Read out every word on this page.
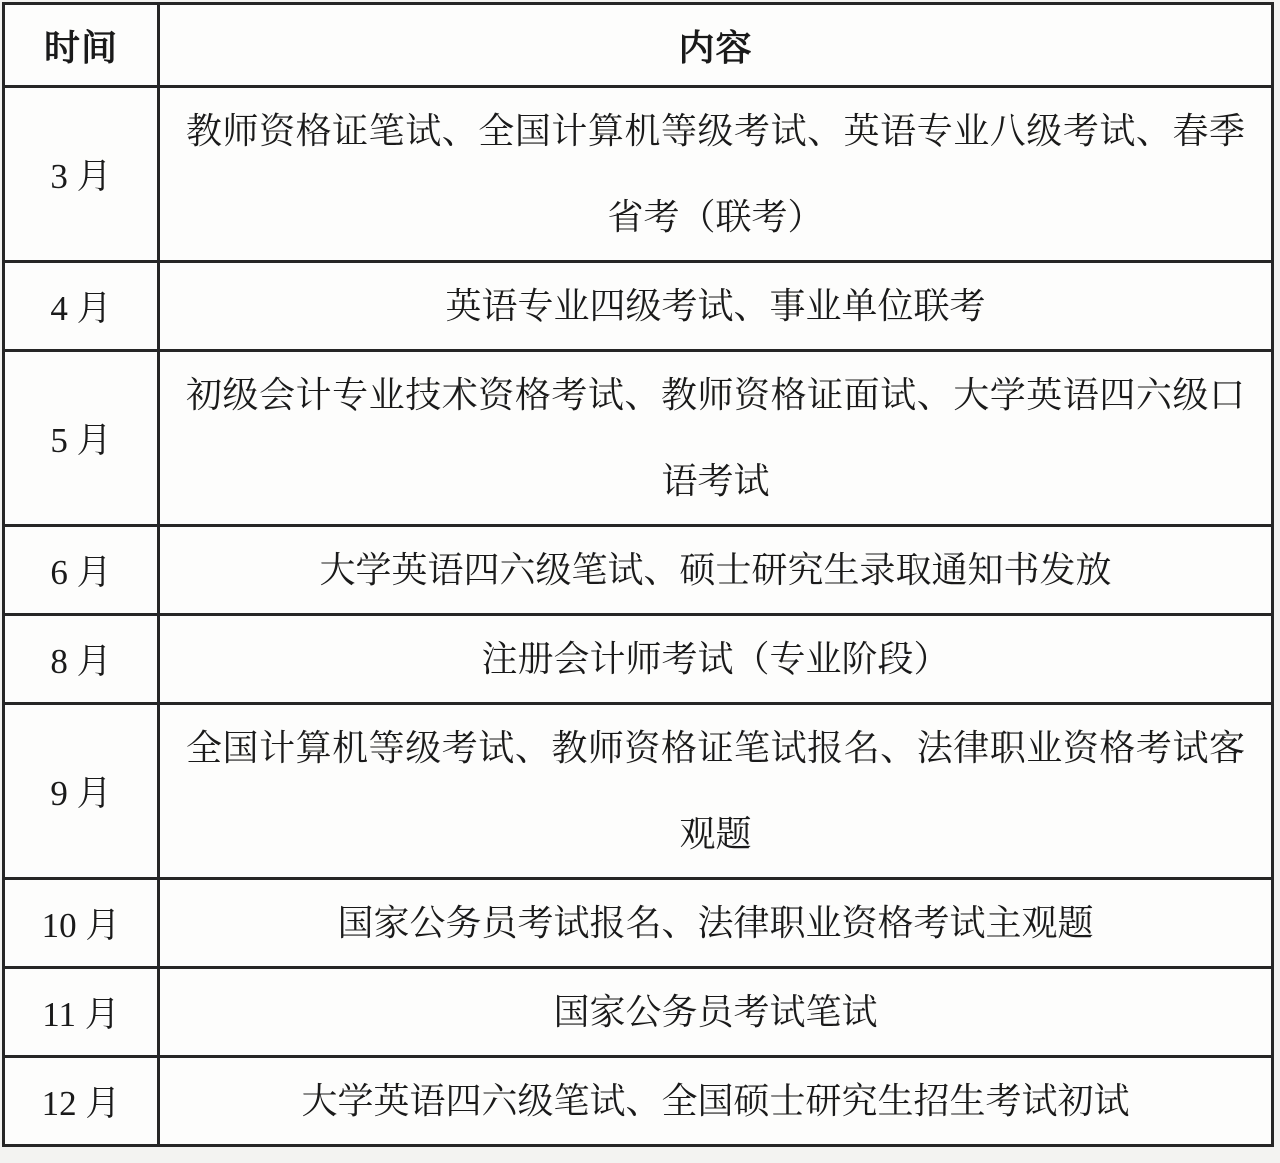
时间	内容
3 月	教师资格证笔试、全国计算机等级考试、英语专业八级考试、春季省考（联考）
4 月	英语专业四级考试、事业单位联考
5 月	初级会计专业技术资格考试、教师资格证面试、大学英语四六级口语考试
6 月	大学英语四六级笔试、硕士研究生录取通知书发放
8 月	注册会计师考试（专业阶段）
9 月	全国计算机等级考试、教师资格证笔试报名、法律职业资格考试客观题
10 月	国家公务员考试报名、法律职业资格考试主观题
11 月	国家公务员考试笔试
12 月	大学英语四六级笔试、全国硕士研究生招生考试初试
